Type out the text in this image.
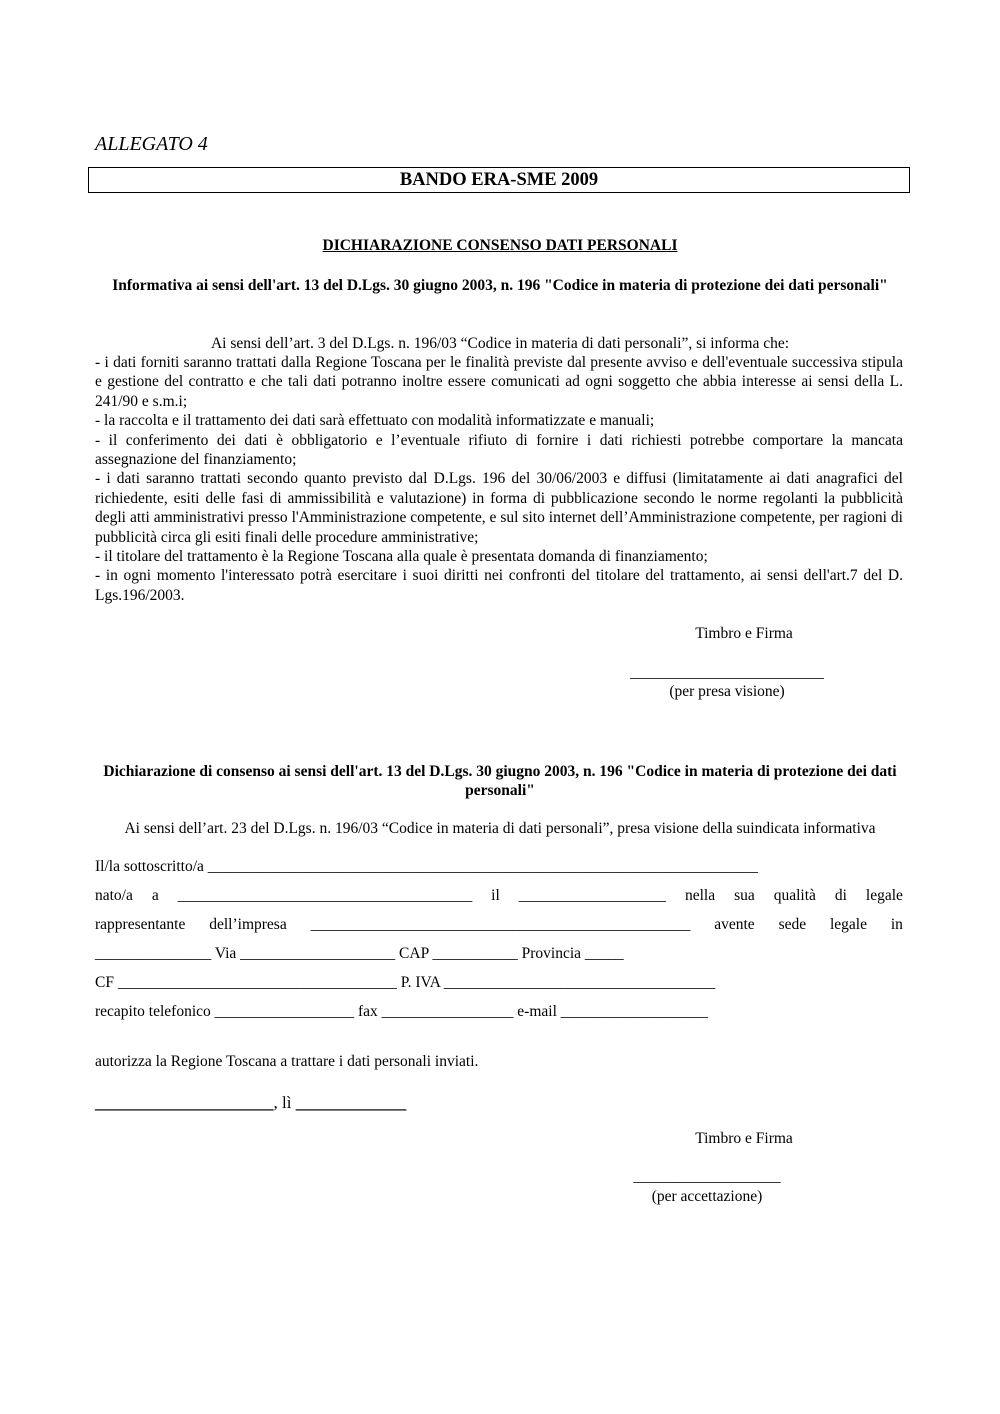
ALLEGATO 4
BANDO ERA-SME 2009
DICHIARAZIONE CONSENSO DATI PERSONALI
Informativa ai sensi dell'art. 13 del D.Lgs. 30 giugno 2003, n. 196 "Codice in materia di protezione dei dati personali"
Ai sensi dell’art. 3 del D.Lgs. n. 196/03 “Codice in materia di dati personali”, si informa che:

- i dati forniti saranno trattati dalla Regione Toscana per le finalità previste dal presente avviso e dell'eventuale successiva stipula e gestione del contratto e che tali dati potranno inoltre essere comunicati ad ogni soggetto che abbia interesse ai sensi della L. 241/90 e s.m.i;

- la raccolta e il trattamento dei dati sarà effettuato con modalità informatizzate e manuali;

- il conferimento dei dati è obbligatorio e l’eventuale rifiuto di fornire i dati richiesti potrebbe comportare la mancata assegnazione del finanziamento;

- i dati saranno trattati secondo quanto previsto dal D.Lgs. 196 del 30/06/2003 e diffusi (limitatamente ai dati anagrafici del richiedente, esiti delle fasi di ammissibilità e valutazione) in forma di pubblicazione secondo le norme regolanti la pubblicità degli atti amministrativi presso l'Amministrazione competente, e sul sito internet dell’Amministrazione competente, per ragioni di pubblicità circa gli esiti finali delle procedure amministrative;

- il titolare del trattamento è la Regione Toscana alla quale è presentata domanda di finanziamento;

- in ogni momento l'interessato potrà esercitare i suoi diritti nei confronti del titolare del trattamento, ai sensi dell'art.7 del D. Lgs.196/2003.

Timbro e Firma
_________________________
(per presa visione)
Dichiarazione di consenso ai sensi dell'art. 13 del D.Lgs. 30 giugno 2003, n. 196 "Codice in materia di protezione dei dati personali"
Ai sensi dell’art. 23 del D.Lgs. n. 196/03 “Codice in materia di dati personali”, presa visione della suindicata informativa
Il/la sottoscritto/a _______________________________________________________________________
nato/a a ______________________________________ il ___________________ nella sua qualità di legale
rappresentante dell’impresa _________________________________________________ avente sede legale in
_______________ Via ____________________ CAP ___________ Provincia _____
CF ____________________________________ P. IVA ___________________________________
recapito telefonico __________________ fax _________________ e-mail ___________________
autorizza la Regione Toscana a trattare i dati personali inviati.
_____________________, lì _____________
Timbro e Firma
___________________
(per accettazione)
